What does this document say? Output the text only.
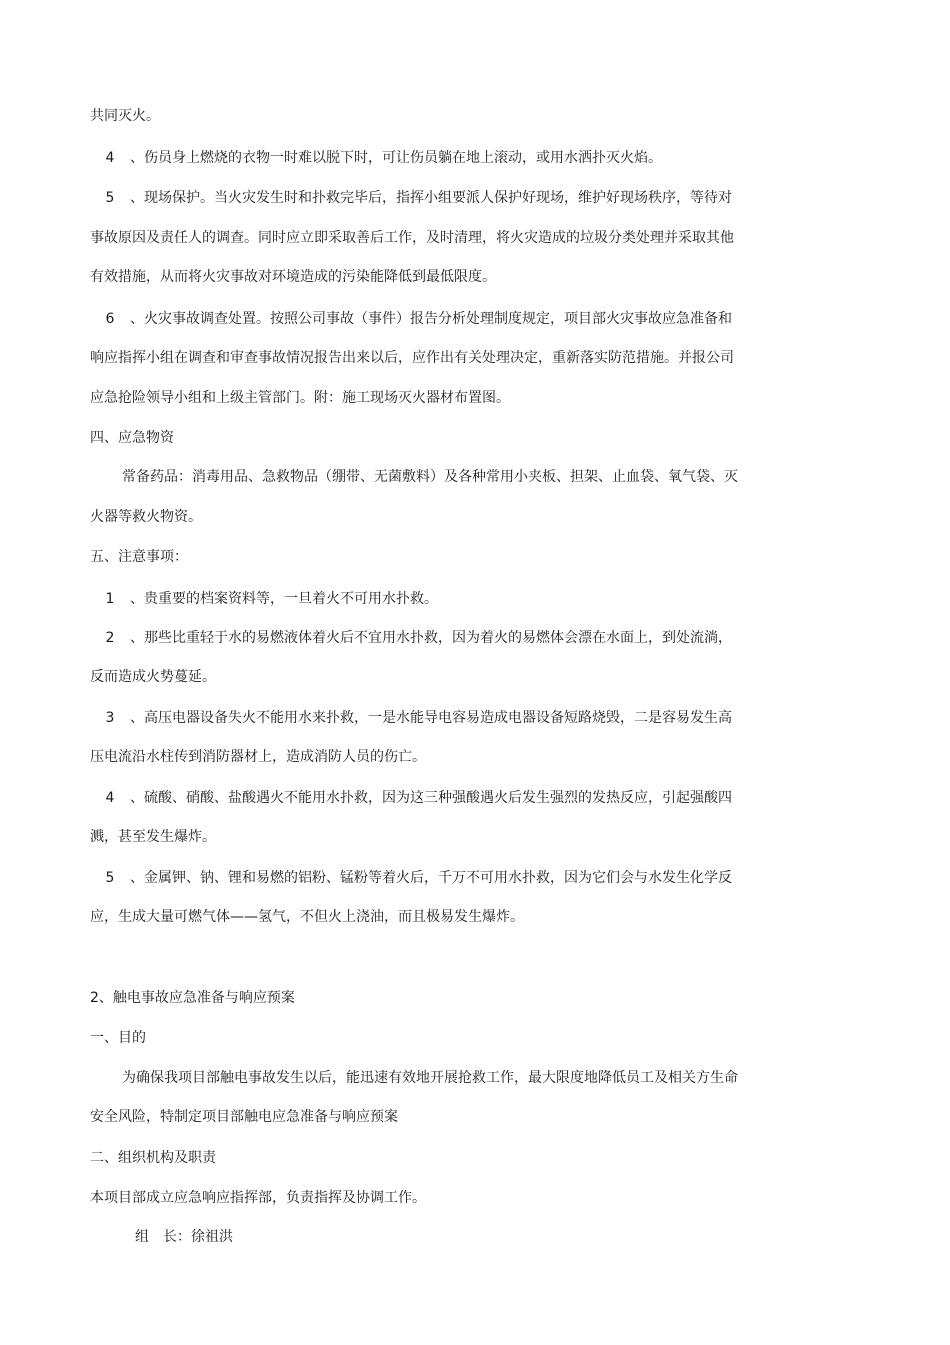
共同灭火。
4 、伤员身上燃烧的衣物一时难以脱下时，可让伤员躺在地上滚动，或用水洒扑灭火焰。
5 、现场保护。当火灾发生时和扑救完毕后，指挥小组要派人保护好现场，维护好现场秩序，等待对
事故原因及责任人的调查。同时应立即采取善后工作，及时清理，将火灾造成的垃圾分类处理并采取其他
有效措施，从而将火灾事故对环境造成的污染能降低到最低限度。
6 、火灾事故调查处置。按照公司事故（事件）报告分析处理制度规定，项目部火灾事故应急准备和
响应指挥小组在调查和审查事故情况报告出来以后，应作出有关处理决定，重新落实防范措施。并报公司
应急抢险领导小组和上级主管部门。附：施工现场灭火器材布置图。
四、应急物资
常备药品：消毒用品、急救物品（绷带、无菌敷料）及各种常用小夹板、担架、止血袋、氧气袋、灭
火器等救火物资。
五、注意事项：
1 、贵重要的档案资料等，一旦着火不可用水扑救。
2 、那些比重轻于水的易燃液体着火后不宜用水扑救，因为着火的易燃体会漂在水面上，到处流淌，
反而造成火势蔓延。
3 、高压电器设备失火不能用水来扑救，一是水能导电容易造成电器设备短路烧毁，二是容易发生高
压电流沿水柱传到消防器材上，造成消防人员的伤亡。
4 、硫酸、硝酸、盐酸遇火不能用水扑救，因为这三种强酸遇火后发生强烈的发热反应，引起强酸四
溅，甚至发生爆炸。
5 、金属钾、钠、锂和易燃的铝粉、锰粉等着火后，千万不可用水扑救，因为它们会与水发生化学反
应，生成大量可燃气体——氢气，不但火上浇油，而且极易发生爆炸。
2、触电事故应急准备与响应预案
一、目的
为确保我项目部触电事故发生以后，能迅速有效地开展抢救工作，最大限度地降低员工及相关方生命
安全风险，特制定项目部触电应急准备与响应预案
二、组织机构及职责
本项目部成立应急响应指挥部，负责指挥及协调工作。
组　长：徐祖洪
